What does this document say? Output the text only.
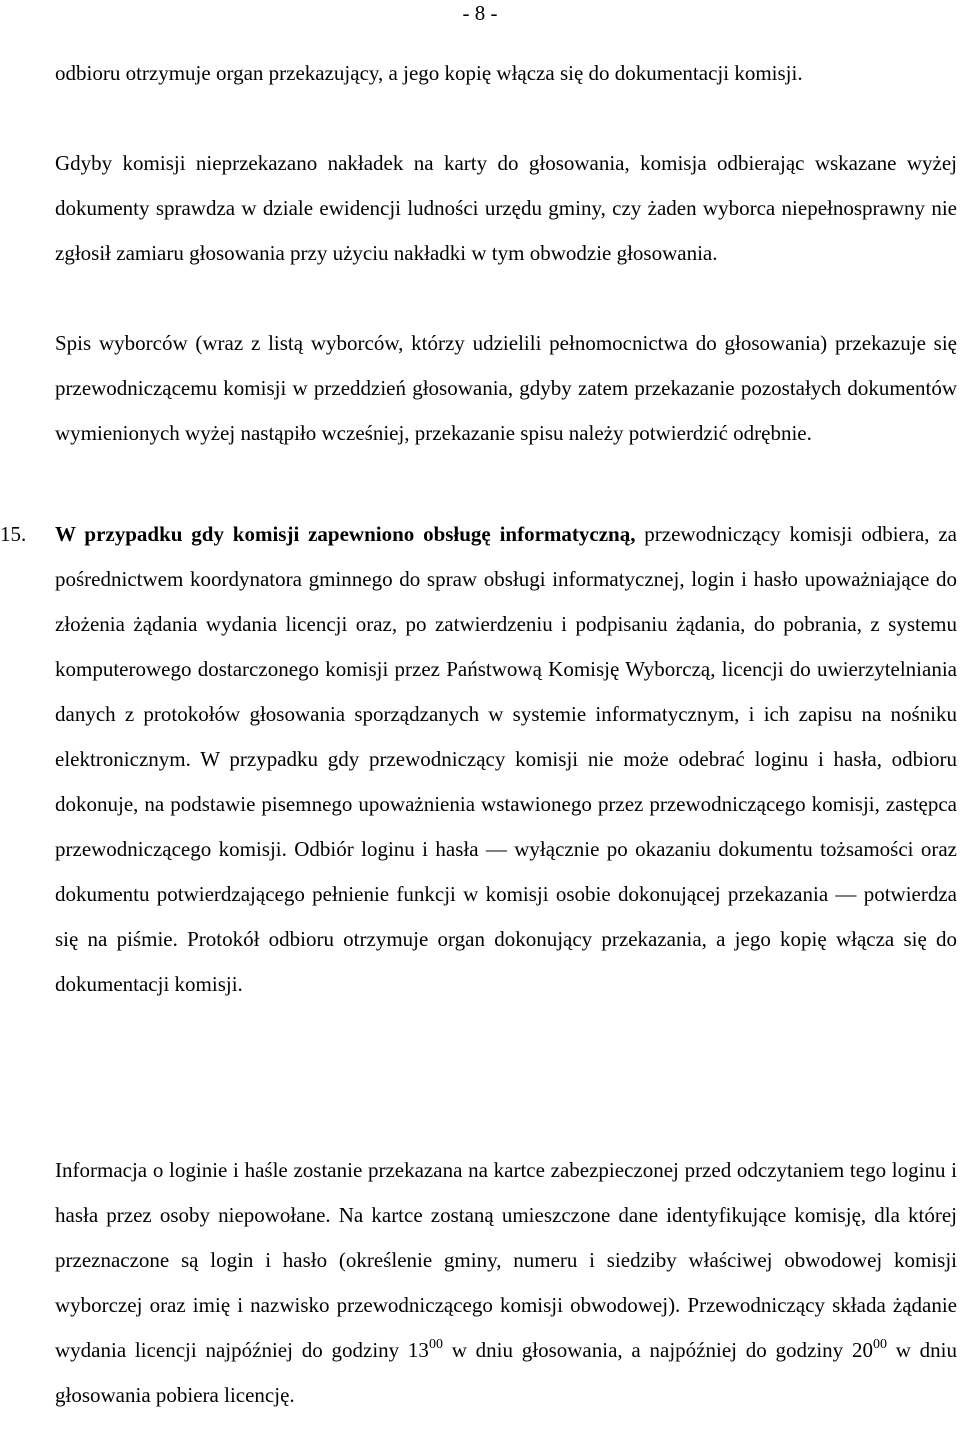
- 8 -

odbioru otrzymuje organ przekazujący, a jego kopię włącza się do dokumentacji komisji.

Gdyby komisji nieprzekazano nakładek na karty do głosowania, komisja odbierając wskazane wyżej dokumenty sprawdza w dziale ewidencji ludności urzędu gminy, czy żaden wyborca niepełnosprawny nie zgłosił zamiaru głosowania przy użyciu nakładki w tym obwodzie głosowania.

Spis wyborców (wraz z listą wyborców, którzy udzielili pełnomocnictwa do głosowania) przekazuje się przewodniczącemu komisji w przeddzień głosowania, gdyby zatem przekazanie pozostałych dokumentów wymienionych wyżej nastąpiło wcześniej, przekazanie spisu należy potwierdzić odrębnie.

15. W przypadku gdy komisji zapewniono obsługę informatyczną, przewodniczący komisji odbiera, za pośrednictwem koordynatora gminnego do spraw obsługi informatycznej, login i hasło upoważniające do złożenia żądania wydania licencji oraz, po zatwierdzeniu i podpisaniu żądania, do pobrania, z systemu komputerowego dostarczonego komisji przez Państwową Komisję Wyborczą, licencji do uwierzytelniania danych z protokołów głosowania sporządzanych w systemie informatycznym, i ich zapisu na nośniku elektronicznym. W przypadku gdy przewodniczący komisji nie może odebrać loginu i hasła, odbioru dokonuje, na podstawie pisemnego upoważnienia wstawionego przez przewodniczącego komisji, zastępca przewodniczącego komisji. Odbiór loginu i hasła — wyłącznie po okazaniu dokumentu tożsamości oraz dokumentu potwierdzającego pełnienie funkcji w komisji osobie dokonującej przekazania — potwierdza się na piśmie. Protokół odbioru otrzymuje organ dokonujący przekazania, a jego kopię włącza się do dokumentacji komisji.

Informacja o loginie i haśle zostanie przekazana na kartce zabezpieczonej przed odczytaniem tego loginu i hasła przez osoby niepowołane. Na kartce zostaną umieszczone dane identyfikujące komisję, dla której przeznaczone są login i hasło (określenie gminy, numeru i siedziby właściwej obwodowej komisji wyborczej oraz imię i nazwisko przewodniczącego komisji obwodowej). Przewodniczący składa żądanie wydania licencji najpóźniej do godziny $13^{00}$ w dniu głosowania, a najpóźniej do godziny $20^{00}$ w dniu głosowania pobiera licencję.
